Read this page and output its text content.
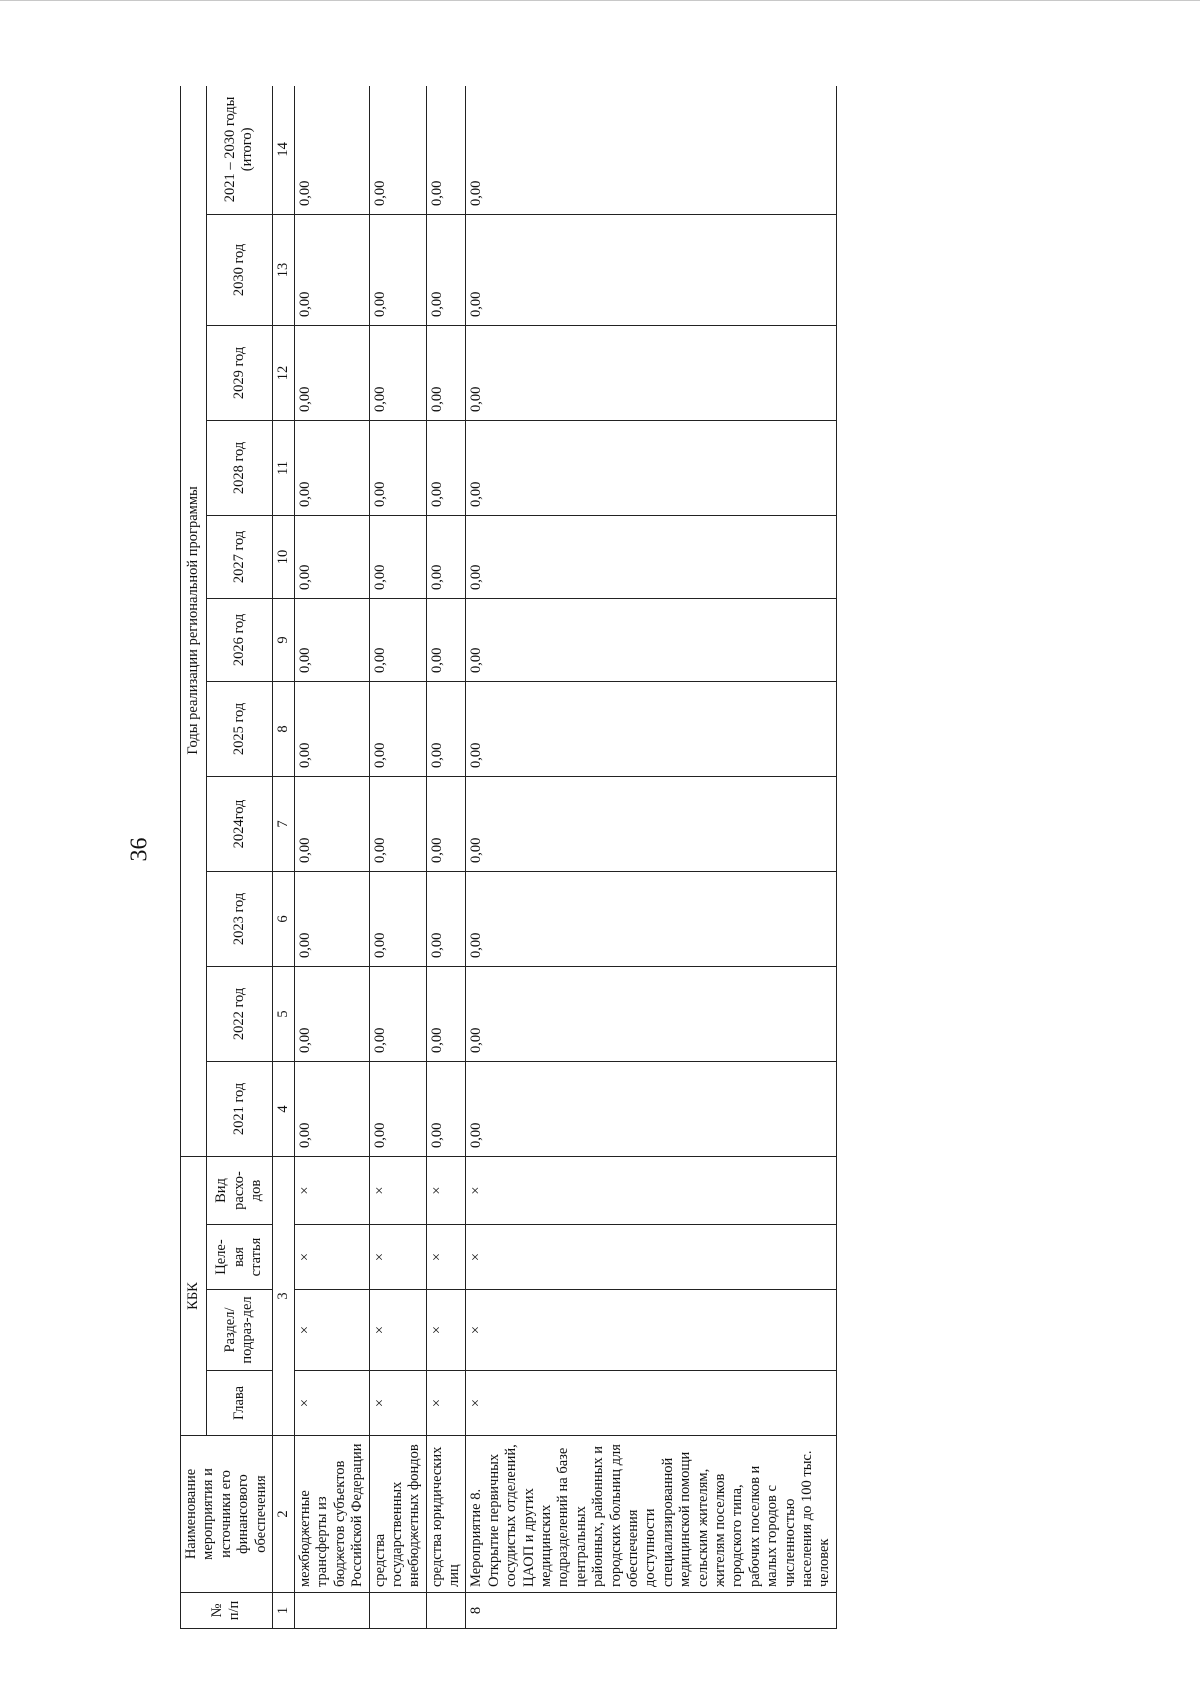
36
№ п/п	Наименование мероприятия и источники его финансового обеспечения	КБК				Годы реализации региональной программы										
		Глава	Раздел/ подраз-дел	Целе-вая статья	Вид расхо-дов	2021 год	2022 год	2023 год	2024год	2025 год	2026 год	2027 год	2028 год	2029 год	2030 год	2021 – 2030 годы (итого)
1	2	3				4	5	6	7	8	9	10	11	12	13	14
	межбюджетные трансферты из бюджетов субъектов Российской Федерации	×	×	×	×	0,00	0,00	0,00	0,00	0,00	0,00	0,00	0,00	0,00	0,00	0,00
	средства государственных внебюджетных фондов	×	×	×	×	0,00	0,00	0,00	0,00	0,00	0,00	0,00	0,00	0,00	0,00	0,00
	средства юридических лиц	×	×	×	×	0,00	0,00	0,00	0,00	0,00	0,00	0,00	0,00	0,00	0,00	0,00
8	Мероприятие 8. Открытие первичных сосудистых отделений, ЦАОП и других медицинских подразделений на базе центральных районных, районных и городских больниц для обеспечения доступности специализированной медицинской помощи сельским жителям, жителям поселков городского типа, рабочих поселков и малых городов с численностью населения до 100 тыс. человек	×	×	×	×	0,00	0,00	0,00	0,00	0,00	0,00	0,00	0,00	0,00	0,00	0,00
